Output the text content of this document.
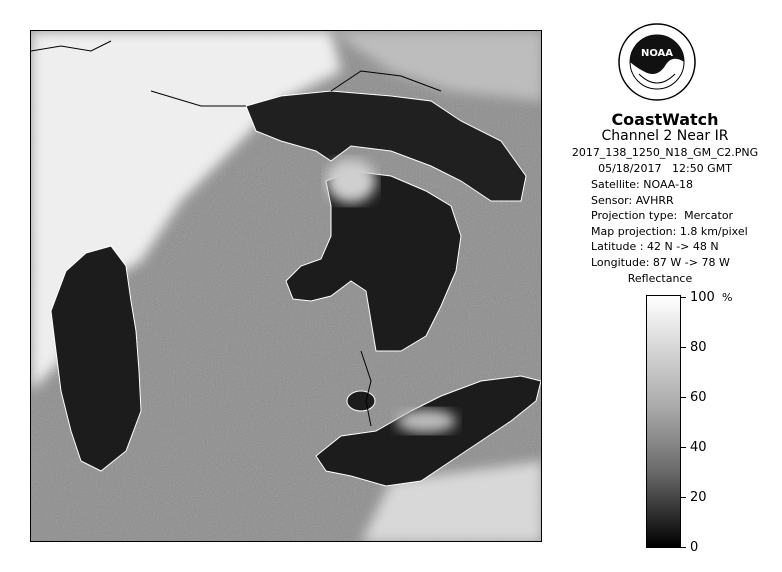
NOAA
CoastWatch
Channel 2 Near IR
2017_138_1250_N18_GM_C2.PNG
05/18/2017 12:50 GMT
Satellite: NOAA-18
Sensor: AVHRR
Projection type: Mercator
Map projection: 1.8 km/pixel
Latitude : 42 N -> 48 N
Longitude: 87 W -> 78 W
Reflectance
%
100
80
60
40
20
0
